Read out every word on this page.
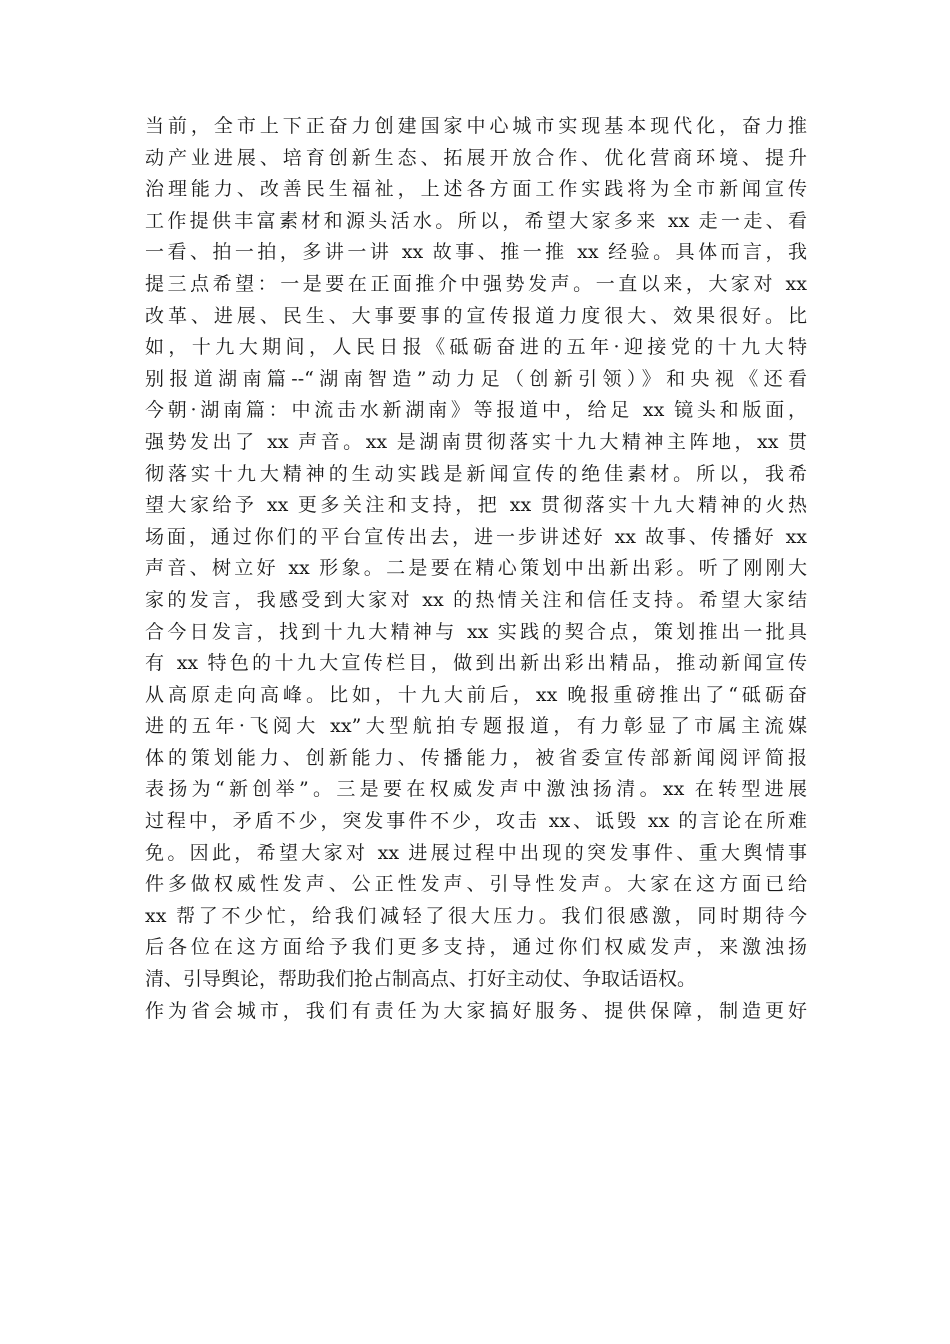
当前，全市上下正奋力创建国家中心城市实现基本现代化，奋力推
动产业进展、培育创新生态、拓展开放合作、优化营商环境、提升
治理能力、改善民生福祉，上述各方面工作实践将为全市新闻宣传
工作提供丰富素材和源头活水。所以，希望大家多来 xx 走一走、看
一看、拍一拍，多讲一讲 xx 故事、推一推 xx 经验。具体而言，我
提三点希望：一是要在正面推介中强势发声。一直以来，大家对 xx
改革、进展、民生、大事要事的宣传报道力度很大、效果很好。比
如，十九大期间，人民日报《砥砺奋进的五年·迎接党的十九大特
别报道湖南篇--“湖南智造”动力足（创新引领）》和央视《还看
今朝·湖南篇：中流击水新湖南》等报道中，给足 xx 镜头和版面，
强势发出了 xx 声音。xx 是湖南贯彻落实十九大精神主阵地，xx 贯
彻落实十九大精神的生动实践是新闻宣传的绝佳素材。所以，我希
望大家给予 xx 更多关注和支持，把 xx 贯彻落实十九大精神的火热
场面，通过你们的平台宣传出去，进一步讲述好 xx 故事、传播好 xx
声音、树立好 xx 形象。二是要在精心策划中出新出彩。听了刚刚大
家的发言，我感受到大家对 xx 的热情关注和信任支持。希望大家结
合今日发言，找到十九大精神与 xx 实践的契合点，策划推出一批具
有 xx 特色的十九大宣传栏目，做到出新出彩出精品，推动新闻宣传
从高原走向高峰。比如，十九大前后，xx 晚报重磅推出了“砥砺奋
进的五年·飞阅大 xx”大型航拍专题报道，有力彰显了市属主流媒
体的策划能力、创新能力、传播能力，被省委宣传部新闻阅评简报
表扬为“新创举”。三是要在权威发声中激浊扬清。xx 在转型进展
过程中，矛盾不少，突发事件不少，攻击 xx、诋毁 xx 的言论在所难
免。因此，希望大家对 xx 进展过程中出现的突发事件、重大舆情事
件多做权威性发声、公正性发声、引导性发声。大家在这方面已给
xx 帮了不少忙，给我们减轻了很大压力。我们很感激，同时期待今
后各位在这方面给予我们更多支持，通过你们权威发声，来激浊扬
清、引导舆论，帮助我们抢占制高点、打好主动仗、争取话语权。
作为省会城市，我们有责任为大家搞好服务、提供保障，制造更好
